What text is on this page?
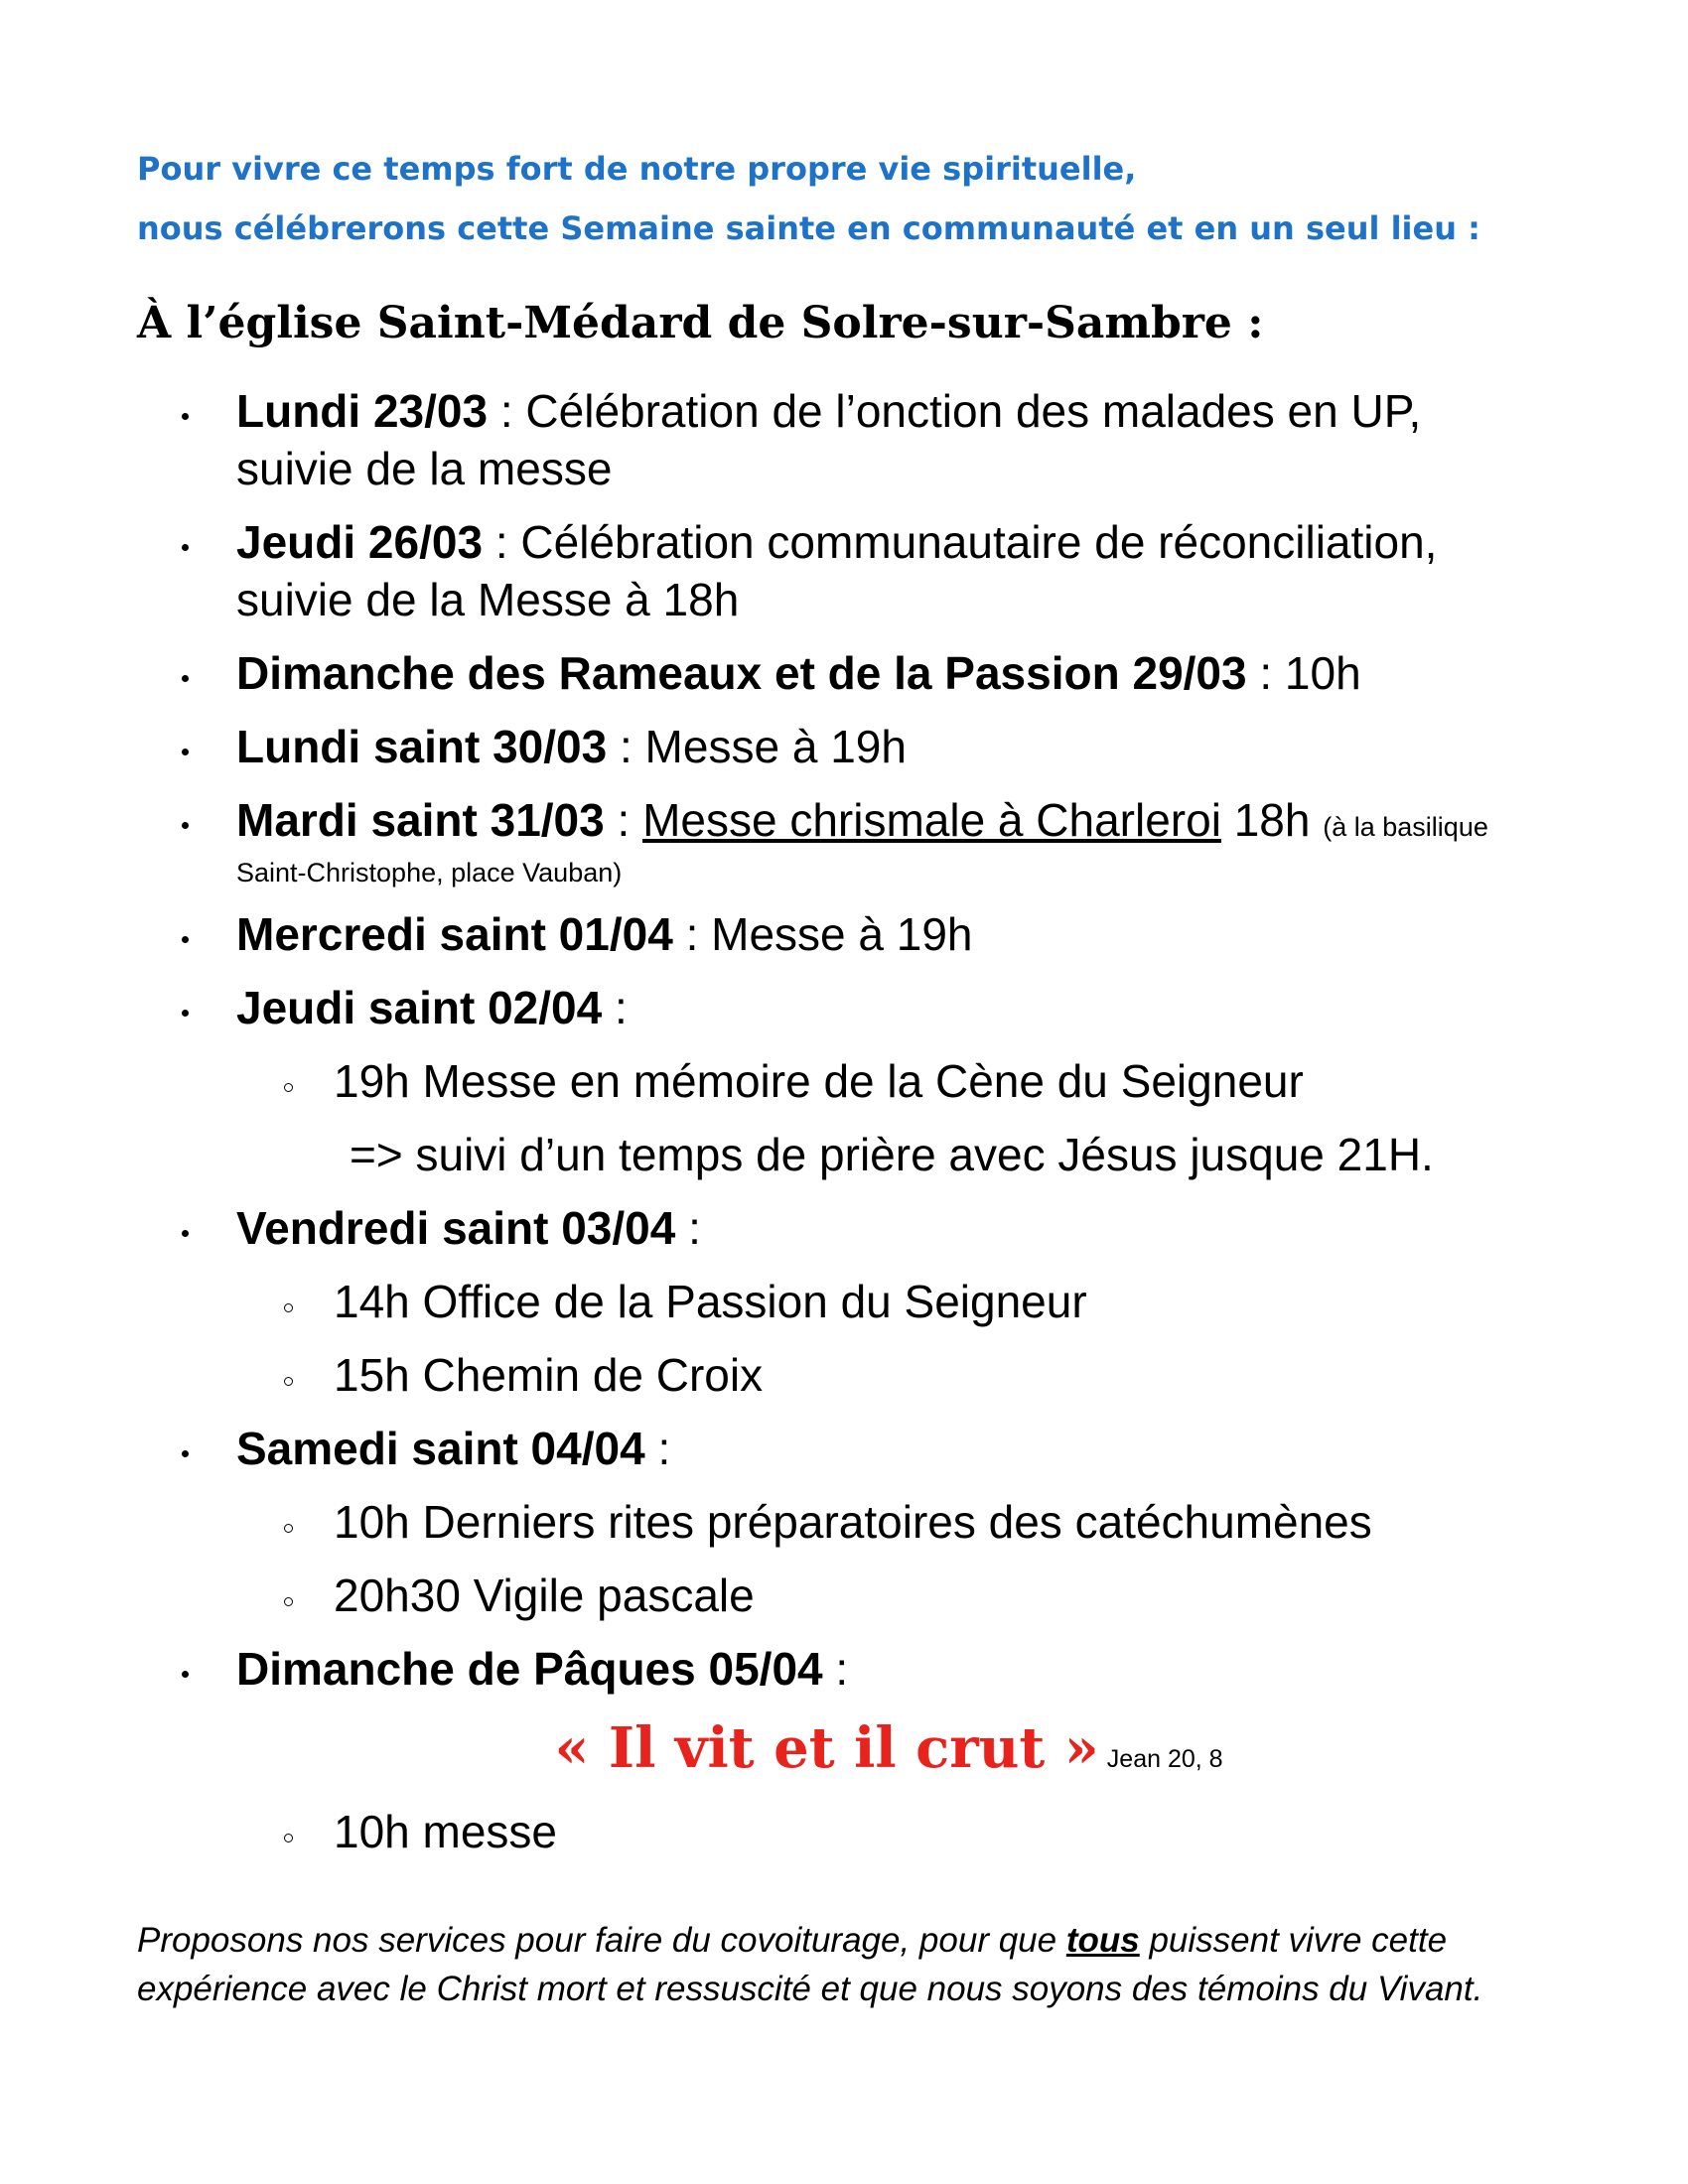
Pour vivre ce temps fort de notre propre vie spirituelle,
nous célébrerons cette Semaine sainte en communauté et en un seul lieu :
À l’église Saint-Médard de Solre-sur-Sambre :
Lundi 23/03 : Célébration de l’onction des malades en UP,
suivie de la messe
Jeudi 26/03 : Célébration communautaire de réconciliation,
suivie de la Messe à 18h
Dimanche des Rameaux et de la Passion 29/03 : 10h
Lundi saint 30/03 : Messe à 19h
Mardi saint 31/03 : Messe chrismale à Charleroi 18h (à la basilique
Saint-Christophe, place Vauban)
Mercredi saint 01/04 : Messe à 19h
Jeudi saint 02/04 :
19h Messe en mémoire de la Cène du Seigneur
=> suivi d’un temps de prière avec Jésus jusque 21H.
Vendredi saint 03/04 :
14h Office de la Passion du Seigneur
15h Chemin de Croix
Samedi saint 04/04 :
10h Derniers rites préparatoires des catéchumènes
20h30 Vigile pascale
Dimanche de Pâques 05/04 :
« Il vit et il crut » Jean 20, 8
10h messe
Proposons nos services pour faire du covoiturage, pour que tous puissent vivre cette expérience avec le Christ mort et ressuscité et que nous soyons des témoins du Vivant.
